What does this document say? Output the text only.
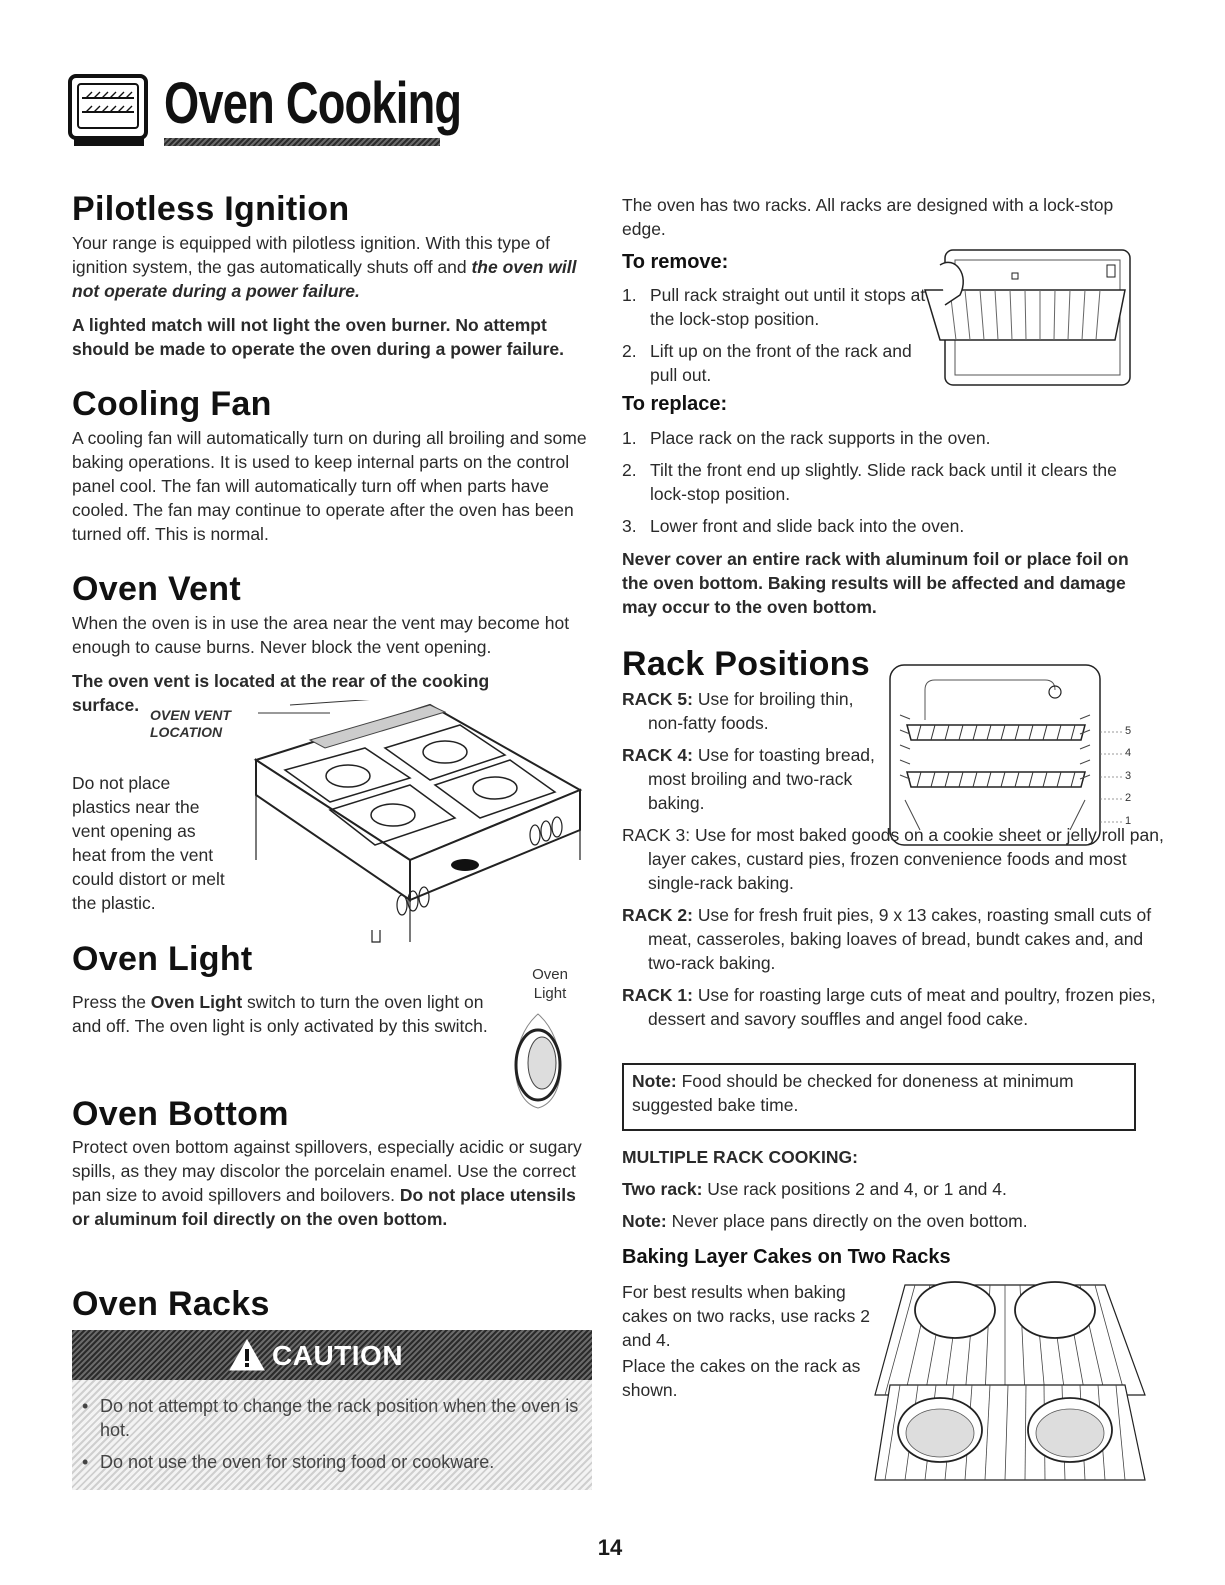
Oven Cooking
Pilotless Ignition

Your range is equipped with pilotless ignition. With this type of ignition system, the gas automatically shuts off and the oven will not operate during a power failure.

A lighted match will not light the oven burner. No attempt should be made to operate the oven during a power failure.

Cooling Fan

A cooling fan will automatically turn on during all broiling and some baking operations. It is used to keep internal parts on the control panel cool. The fan will automatically turn off when parts have cooled. The fan may continue to operate after the oven has been turned off. This is normal.

Oven Vent

When the oven is in use the area near the vent may become hot enough to cause burns. Never block the vent opening.

The oven vent is located at the rear of the cooking surface. OVEN VENT
LOCATION

Do not place plastics near the vent opening as heat from the vent could distort or melt the plastic.

Oven Light

Press the Oven Light switch to turn the oven light on and off. The oven light is only activated by this switch.

Oven
Light
Oven Bottom

Protect oven bottom against spillovers, especially acidic or sugary spills, as they may discolor the porcelain enamel. Use the correct pan size to avoid spillovers and boilovers. Do not place utensils or aluminum foil directly on the oven bottom.

Oven Racks
CAUTION
• Do not attempt to change the rack position when the oven is hot.
• Do not use the oven for storing food or cookware.

The oven has two racks. All racks are designed with a lock-stop edge.

To remove:
1. Pull rack straight out until it stops at the lock-stop position.
2. Lift up on the front of the rack and pull out.
To replace:
1. Place rack on the rack supports in the oven.
2. Tilt the front end up slightly. Slide rack back until it clears the lock-stop position.
3. Lower front and slide back into the oven.

Never cover an entire rack with aluminum foil or place foil on the oven bottom. Baking results will be affected and damage may occur to the oven bottom.

Rack Positions
5
4
3
2
1
RACK 5: Use for broiling thin, non-fatty foods.
RACK 4: Use for toasting bread, most broiling and two-rack baking.
RACK 3: Use for most baked goods on a cookie sheet or jelly roll pan, layer cakes, custard pies, frozen convenience foods and most single-rack baking.
RACK 2: Use for fresh fruit pies, 9 x 13 cakes, roasting small cuts of meat, casseroles, baking loaves of bread, bundt cakes and, and two-rack baking.
RACK 1: Use for roasting large cuts of meat and poultry, frozen pies, dessert and savory souffles and angel food cake.
Note: Food should be checked for doneness at minimum suggested bake time.

MULTIPLE RACK COOKING:

Two rack: Use rack positions 2 and 4, or 1 and 4.

Note: Never place pans directly on the oven bottom.

Baking Layer Cakes on Two Racks

For best results when baking cakes on two racks, use racks 2 and 4.

Place the cakes on the rack as shown.

14
